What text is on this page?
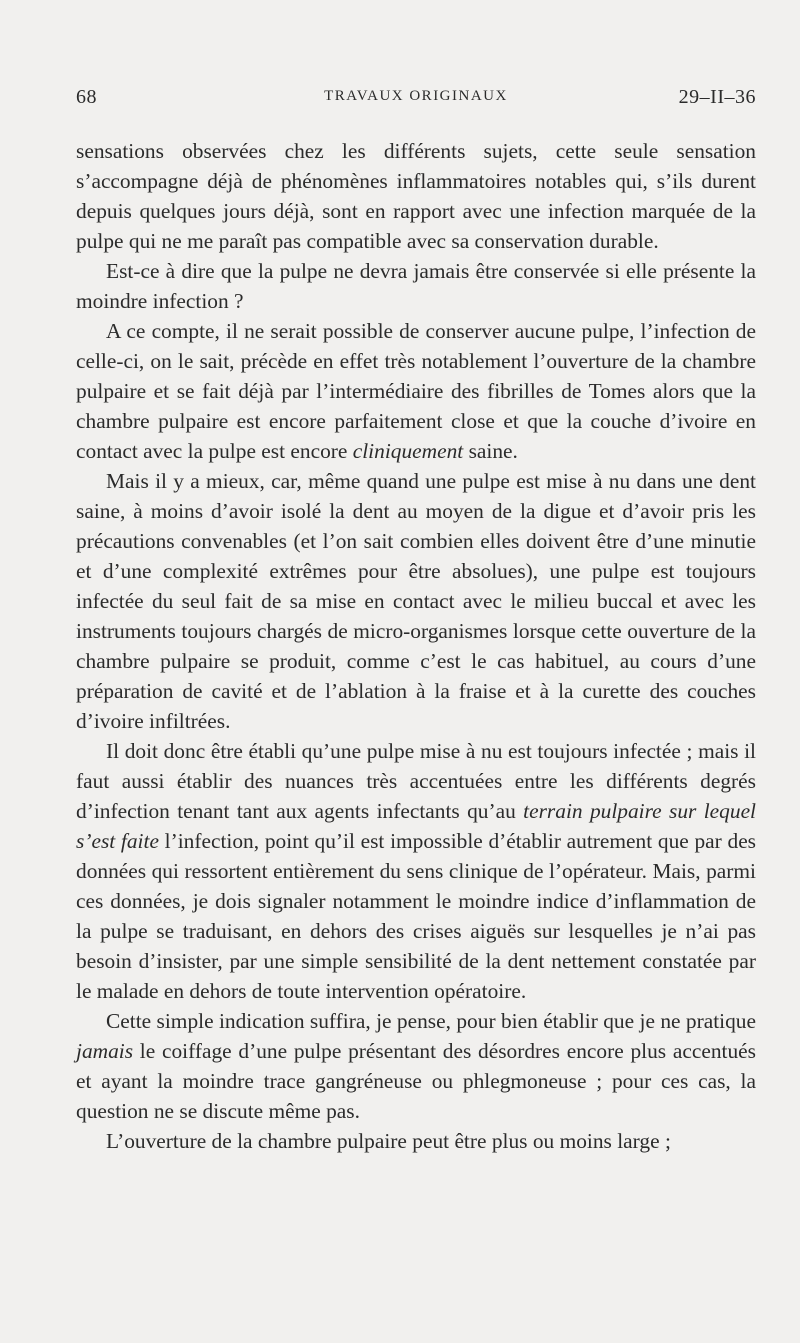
68	TRAVAUX ORIGINAUX	29–II–36

sensations observées chez les différents sujets, cette seule sensation s’accompagne déjà de phénomènes inflammatoires notables qui, s’ils durent depuis quelques jours déjà, sont en rapport avec une infection marquée de la pulpe qui ne me paraît pas compatible avec sa conservation durable.

Est-ce à dire que la pulpe ne devra jamais être conservée si elle présente la moindre infection ?

A ce compte, il ne serait possible de conserver aucune pulpe, l’infection de celle-ci, on le sait, précède en effet très notablement l’ouverture de la chambre pulpaire et se fait déjà par l’intermédiaire des fibrilles de Tomes alors que la chambre pulpaire est encore parfaitement close et que la couche d’ivoire en contact avec la pulpe est encore cliniquement saine.

Mais il y a mieux, car, même quand une pulpe est mise à nu dans une dent saine, à moins d’avoir isolé la dent au moyen de la digue et d’avoir pris les précautions convenables (et l’on sait combien elles doivent être d’une minutie et d’une complexité extrêmes pour être absolues), une pulpe est toujours infectée du seul fait de sa mise en contact avec le milieu buccal et avec les instruments toujours chargés de micro-organismes lorsque cette ouverture de la chambre pulpaire se produit, comme c’est le cas habituel, au cours d’une préparation de cavité et de l’ablation à la fraise et à la curette des couches d’ivoire infiltrées.

Il doit donc être établi qu’une pulpe mise à nu est toujours infectée ; mais il faut aussi établir des nuances très accentuées entre les différents degrés d’infection tenant tant aux agents infectants qu’au terrain pulpaire sur lequel s’est faite l’infection, point qu’il est impossible d’établir autrement que par des données qui ressortent entièrement du sens clinique de l’opérateur. Mais, parmi ces données, je dois signaler notamment le moindre indice d’inflammation de la pulpe se traduisant, en dehors des crises aiguës sur lesquelles je n’ai pas besoin d’insister, par une simple sensibilité de la dent nettement constatée par le malade en dehors de toute intervention opératoire.

Cette simple indication suffira, je pense, pour bien établir que je ne pratique jamais le coiffage d’une pulpe présentant des désordres encore plus accentués et ayant la moindre trace gangréneuse ou phlegmoneuse ; pour ces cas, la question ne se discute même pas.

L’ouverture de la chambre pulpaire peut être plus ou moins large ;
